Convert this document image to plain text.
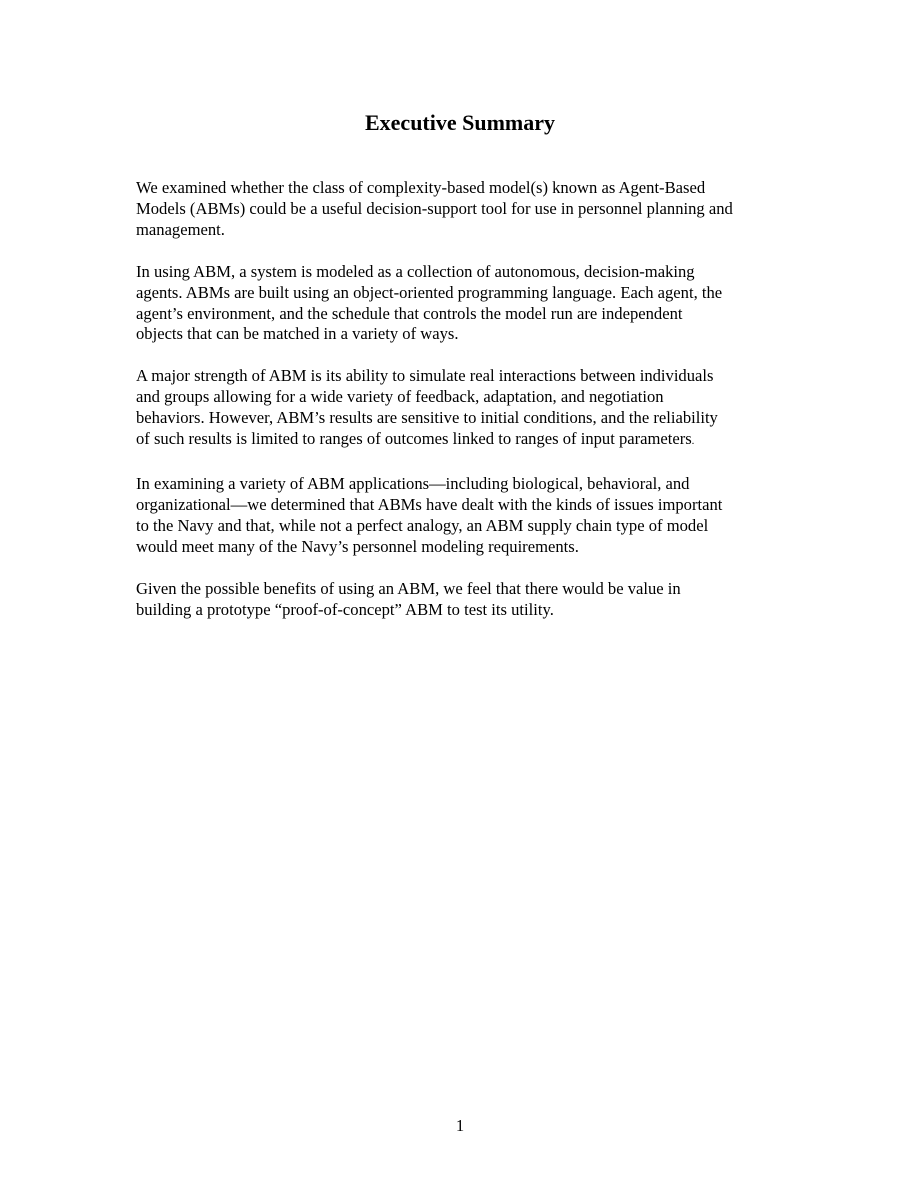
Executive Summary

We examined whether the class of complexity-based model(s) known as Agent-Based
Models (ABMs) could be a useful decision-support tool for use in personnel planning and
management.

In using ABM, a system is modeled as a collection of autonomous, decision-making
agents. ABMs are built using an object-oriented programming language. Each agent, the
agent’s environment, and the schedule that controls the model run are independent
objects that can be matched in a variety of ways.

A major strength of ABM is its ability to simulate real interactions between individuals
and groups allowing for a wide variety of feedback, adaptation, and negotiation
behaviors. However, ABM’s results are sensitive to initial conditions, and the reliability
of such results is limited to ranges of outcomes linked to ranges of input parameters.

In examining a variety of ABM applications—including biological, behavioral, and
organizational—we determined that ABMs have dealt with the kinds of issues important
to the Navy and that, while not a perfect analogy, an ABM supply chain type of model
would meet many of the Navy’s personnel modeling requirements.

Given the possible benefits of using an ABM, we feel that there would be value in
building a prototype “proof-of-concept” ABM to test its utility.

1
